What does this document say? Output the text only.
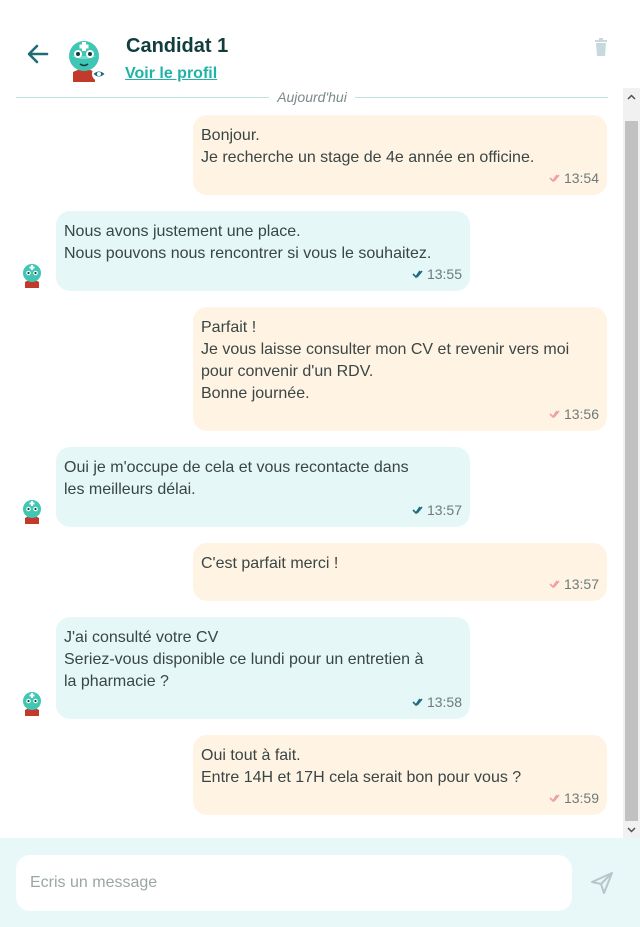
Candidat 1
Voir le profil
Aujourd'hui
Bonjour.
Je recherche un stage de 4e année en officine.
13:54
Nous avons justement une place.
Nous pouvons nous rencontrer si vous le souhaitez.
13:55
Parfait !
Je vous laisse consulter mon CV et revenir vers moi
pour convenir d'un RDV.
Bonne journée.
13:56
Oui je m'occupe de cela et vous recontacte dans
les meilleurs délai.
13:57
C'est parfait merci !
13:57
J'ai consulté votre CV
Seriez-vous disponible ce lundi pour un entretien à
la pharmacie ?
13:58
Oui tout à fait.
Entre 14H et 17H cela serait bon pour vous ?
13:59
Ecris un message
